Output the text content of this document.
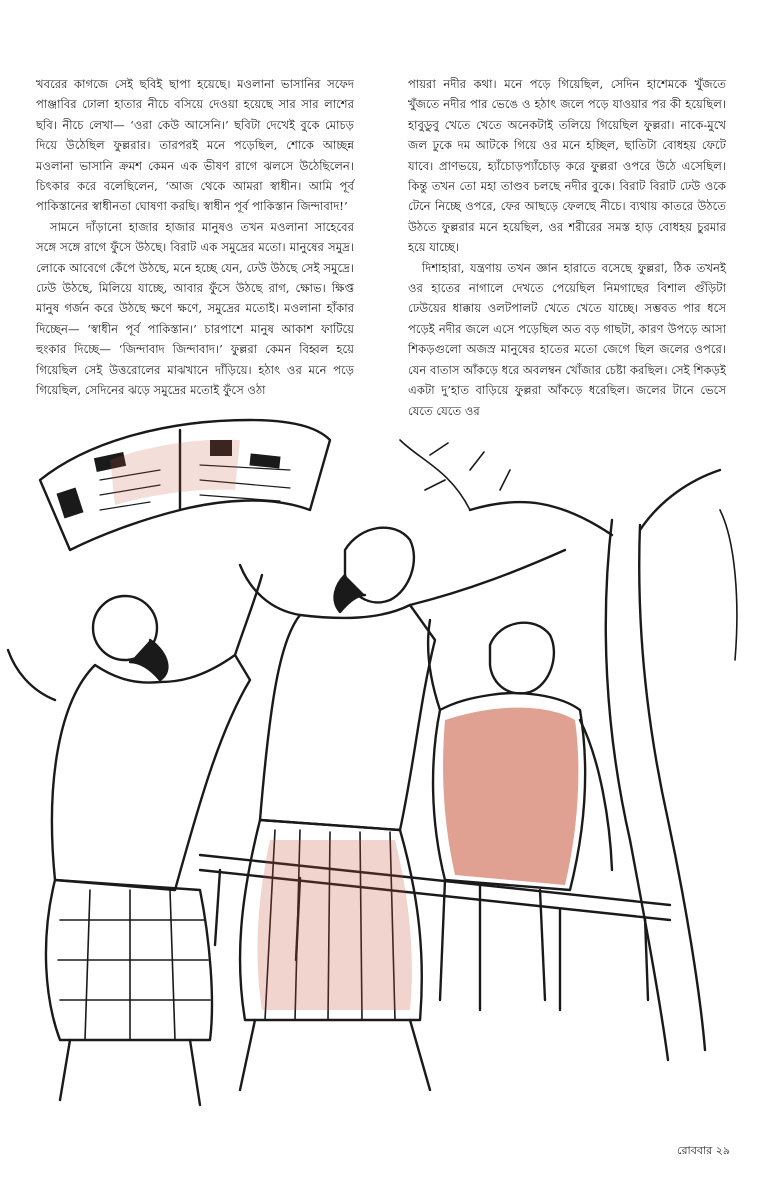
খবরের কাগজে সেই ছবিই ছাপা হয়েছে। মওলানা ভাসানির সফেদ পাঞ্জাবির ঢোলা হাতার নীচে বসিয়ে দেওয়া হয়েছে সার সার লাশের ছবি। নীচে লেখা— ‘ওরা কেউ আসেনি।’ ছবিটা দেখেই বুকে মোচড় দিয়ে উঠেছিল ফুল্লরার। তারপরই মনে পড়েছিল, শোকে আচ্ছন্ন মওলানা ভাসানি ক্রমশ কেমন এক ভীষণ রাগে ঝলসে উঠেছিলেন। চিৎকার করে বলেছিলেন, ‘আজ থেকে আমরা স্বাধীন। আমি পূর্ব পাকিস্তানের স্বাধীনতা ঘোষণা করছি। স্বাধীন পূর্ব পাকিস্তান জিন্দাবাদ!’

সামনে দাঁড়ানো হাজার হাজার মানুষও তখন মওলানা সাহেবের সঙ্গে সঙ্গে রাগে ফুঁসে উঠছে। বিরাট এক সমুদ্রের মতো। মানুষের সমুদ্র। লোকে আবেগে কেঁপে উঠছে, মনে হচ্ছে যেন, ঢেউ উঠছে সেই সমুদ্রে। ঢেউ উঠছে, মিলিয়ে যাচ্ছে, আবার ফুঁসে উঠছে রাগ, ক্ষোভ। ক্ষিপ্ত মানুষ গর্জন করে উঠছে ক্ষণে ক্ষণে, সমুদ্রের মতোই। মওলানা হাঁকার দিচ্ছেন— ‘স্বাধীন পূর্ব পাকিস্তান।’ চারপাশে মানুষ আকাশ ফাটিয়ে হুংকার দিচ্ছে— ‘জিন্দাবাদ জিন্দাবাদ।’ ফুল্লরা কেমন বিহ্বল হয়ে গিয়েছিল সেই উত্তরোলের মাঝখানে দাঁড়িয়ে। হঠাৎ ওর মনে পড়ে গিয়েছিল, সেদিনের ঝড়ে সমুদ্রের মতোই ফুঁসে ওঠা

পায়রা নদীর কথা। মনে পড়ে গিয়েছিল, সেদিন হাশেমকে খুঁজতে খুঁজতে নদীর পার ভেঙে ও হঠাৎ জলে পড়ে যাওয়ার পর কী হয়েছিল। হাবুডুবু খেতে খেতে অনেকটাই তলিয়ে গিয়েছিল ফুল্লরা। নাকে-মুখে জল ঢুকে দম আটকে গিয়ে ওর মনে হচ্ছিল, ছাতিটা বোধহয় ফেটে যাবে। প্রাণভয়ে, হ্যাঁচোড়প্যাঁচোড় করে ফুল্লরা ওপরে উঠে এসেছিল। কিন্তু তখন তো মহা তাণ্ডব চলছে নদীর বুকে। বিরাট বিরাট ঢেউ ওকে টেনে নিচ্ছে ওপরে, ফের আছড়ে ফেলছে নীচে। ব্যথায় কাতরে উঠতে উঠতে ফুল্লরার মনে হয়েছিল, ওর শরীরের সমস্ত হাড় বোধহয় চুরমার হয়ে যাচ্ছে।

দিশাহারা, যন্ত্রণায় তখন জ্ঞান হারাতে বসেছে ফুল্লরা, ঠিক তখনই ওর হাতের নাগালে দেখতে পেয়েছিল নিমগাছের বিশাল গুঁড়িটা ঢেউয়ের ধাক্কায় ওলটপালট খেতে খেতে যাচ্ছে। সম্ভবত পার ধসে পড়েই নদীর জলে এসে পড়েছিল অত বড় গাছটা, কারণ উপড়ে আসা শিকড়গুলো অজস্র মানুষের হাতের মতো জেগে ছিল জলের ওপরে। যেন বাতাস আঁকড়ে ধরে অবলম্বন খোঁজার চেষ্টা করছিল। সেই শিকড়ই একটা দু’হাত বাড়িয়ে ফুল্লরা আঁকড়ে ধরেছিল। জলের টানে ভেসে যেতে যেতে ওর

রোববার ২৯
